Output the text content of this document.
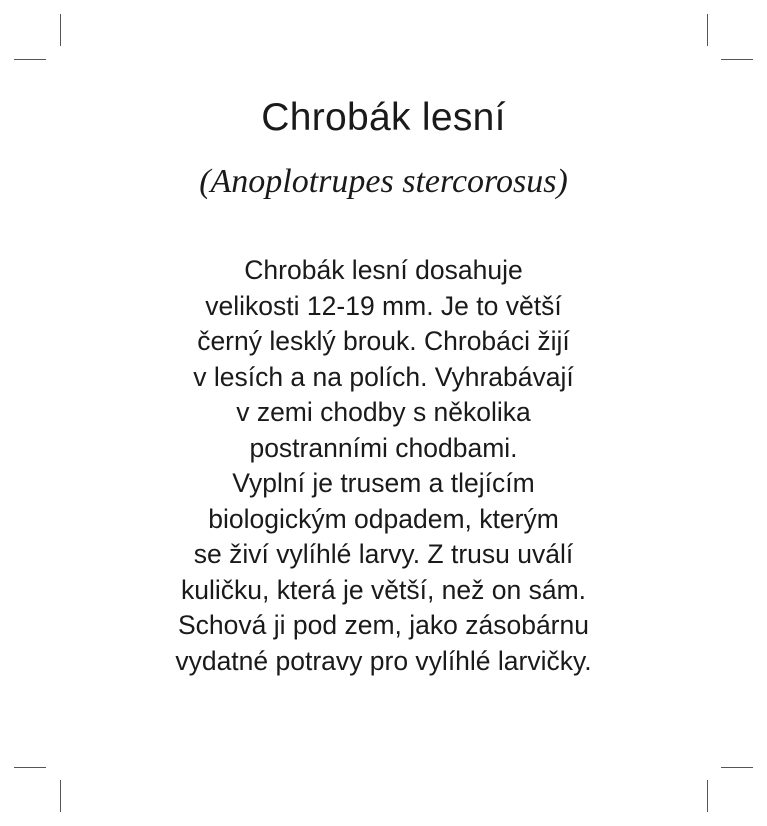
Chrobák lesní
(Anoplotrupes stercorosus)
Chrobák lesní dosahuje
velikosti 12-19 mm. Je to větší
černý lesklý brouk. Chrobáci žijí
v lesích a na polích. Vyhrabávají
v zemi chodby s několika
postranními chodbami.
Vyplní je trusem a tlejícím
biologickým odpadem, kterým
se živí vylíhlé larvy. Z trusu uválí
kuličku, která je větší, než on sám.
Schová ji pod zem, jako zásobárnu
vydatné potravy pro vylíhlé larvičky.
